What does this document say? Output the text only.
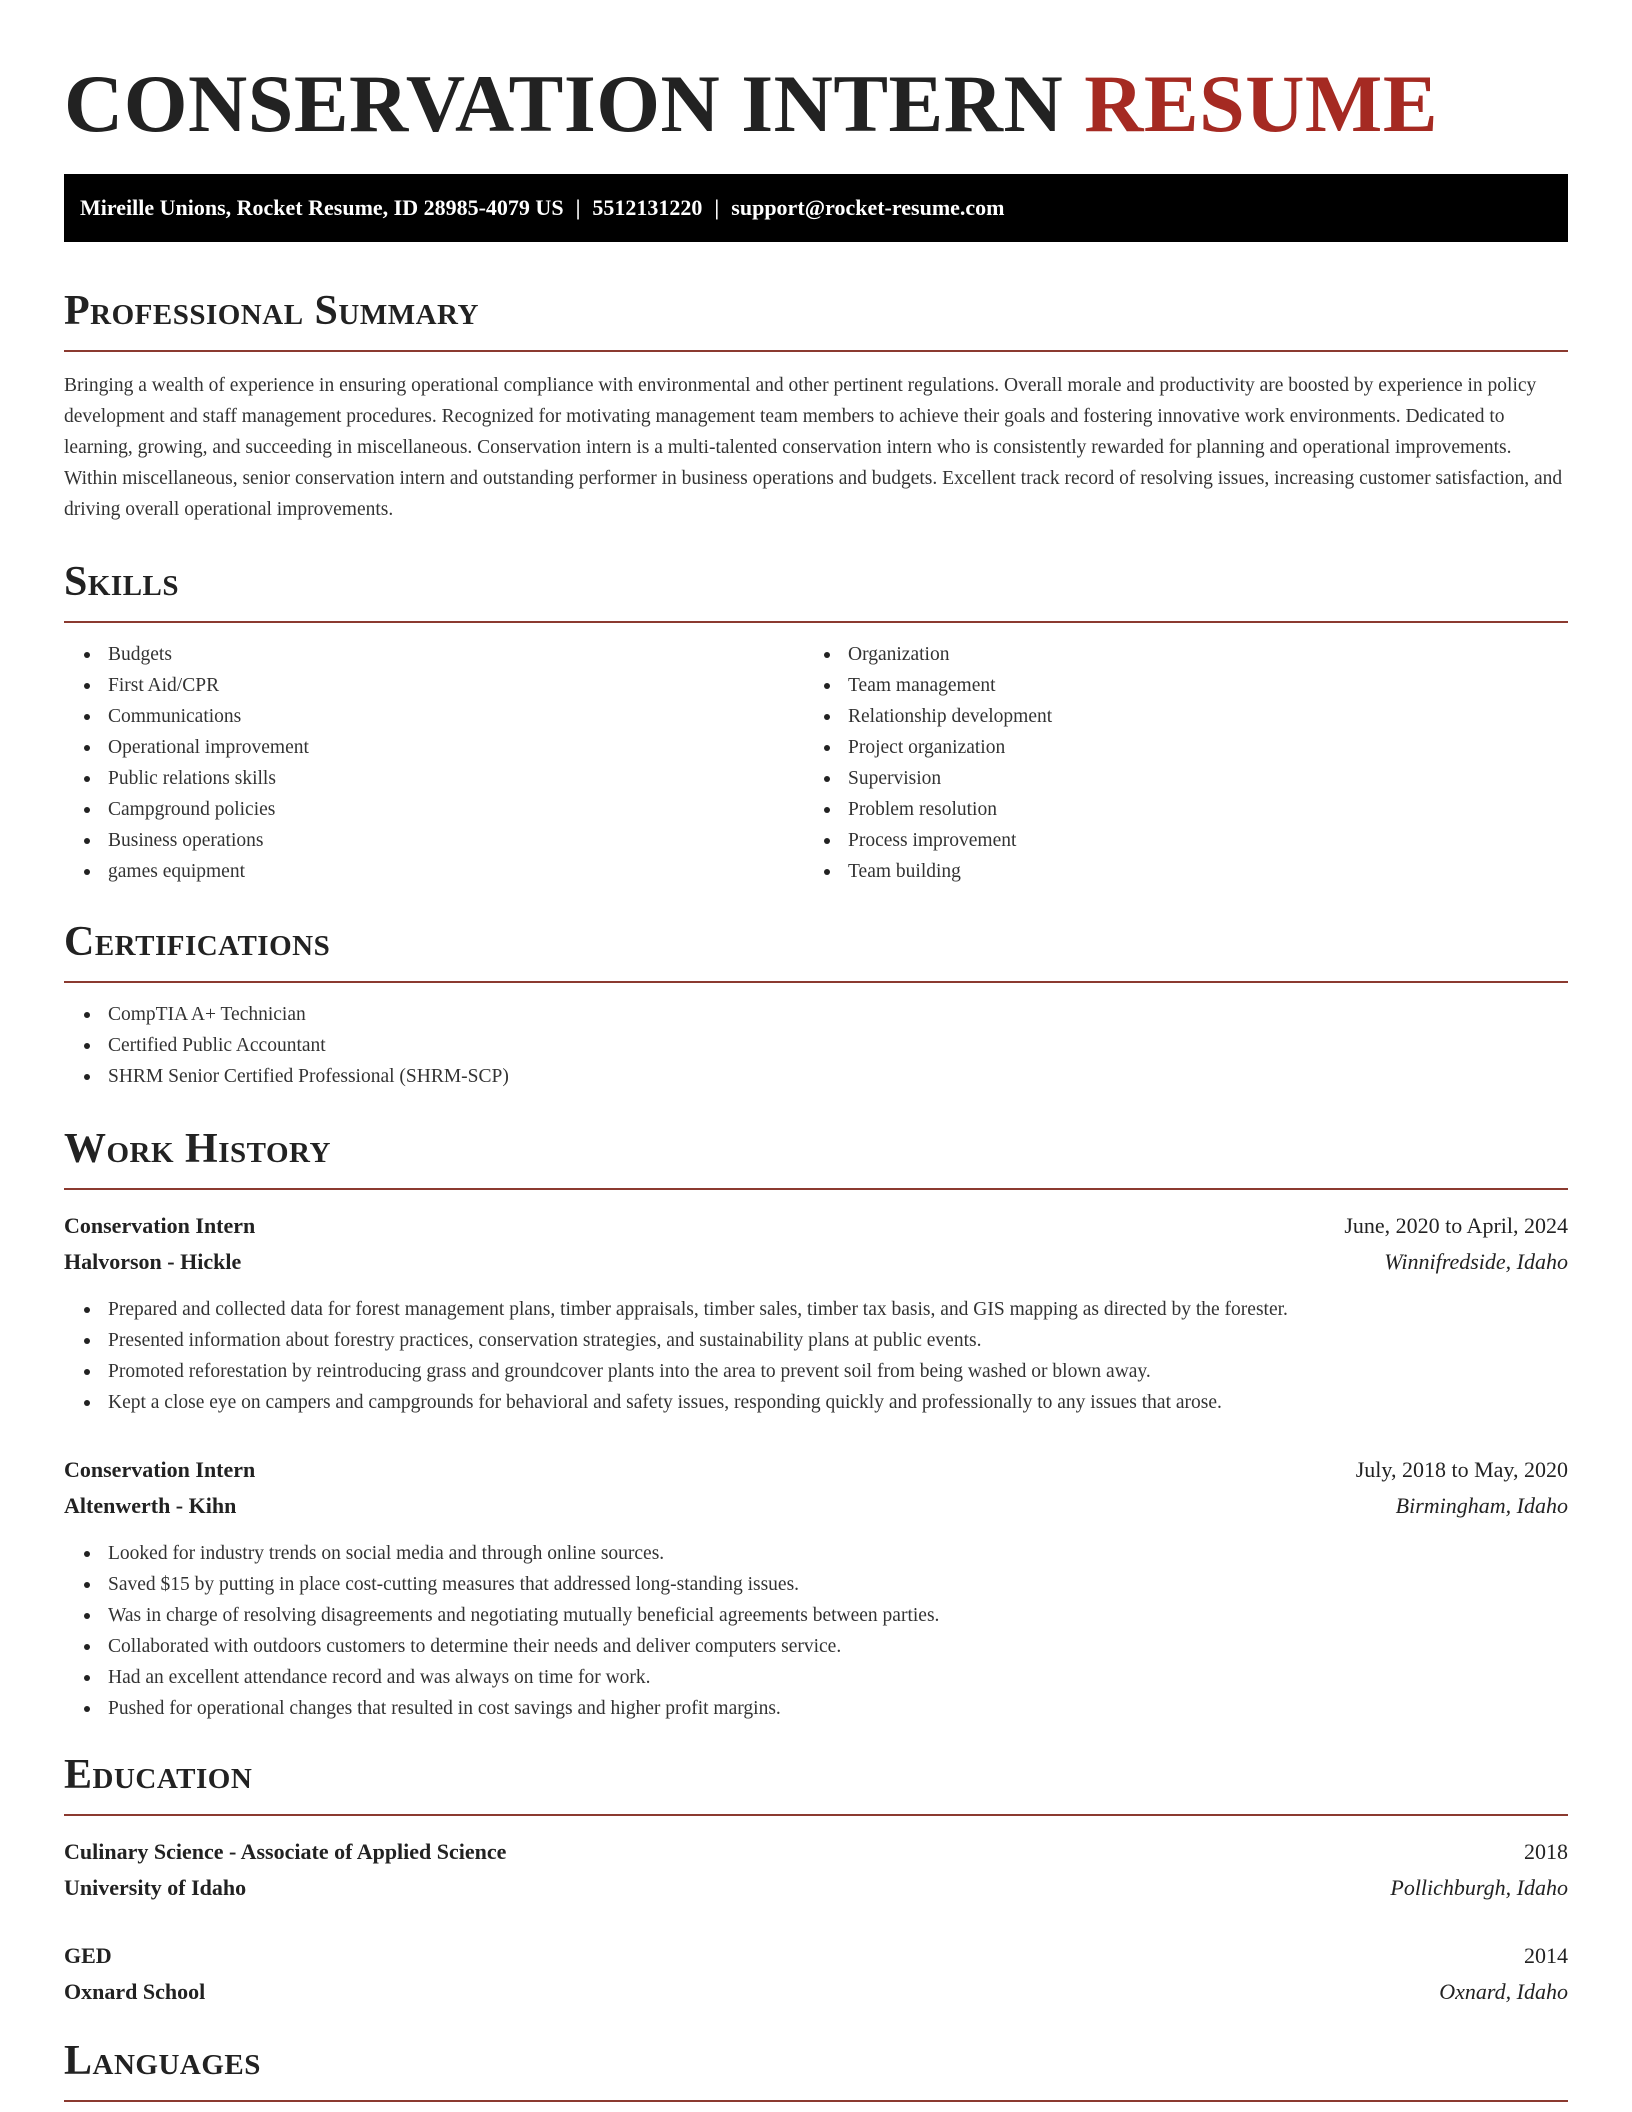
CONSERVATION INTERN RESUME
Mireille Unions, Rocket Resume, ID 28985-4079 US | 5512131220 | support@rocket-resume.com
Professional Summary

Bringing a wealth of experience in ensuring operational compliance with environmental and other pertinent regulations. Overall morale and productivity are boosted by experience in policy development and staff management procedures. Recognized for motivating management team members to achieve their goals and fostering innovative work environments. Dedicated to learning, growing, and succeeding in miscellaneous. Conservation intern is a multi-talented conservation intern who is consistently rewarded for planning and operational improvements. Within miscellaneous, senior conservation intern and outstanding performer in business operations and budgets. Excellent track record of resolving issues, increasing customer satisfaction, and driving overall operational improvements.

Skills
Budgets
First Aid/CPR
Communications
Operational improvement
Public relations skills
Campground policies
Business operations
games equipment
Organization
Team management
Relationship development
Project organization
Supervision
Problem resolution
Process improvement
Team building
Certifications
CompTIA A+ Technician
Certified Public Accountant
SHRM Senior Certified Professional (SHRM-SCP)
Work History
Conservation Intern	June, 2020 to April, 2024
Halvorson - Hickle	Winnifredside, Idaho
Prepared and collected data for forest management plans, timber appraisals, timber sales, timber tax basis, and GIS mapping as directed by the forester.
Presented information about forestry practices, conservation strategies, and sustainability plans at public events.
Promoted reforestation by reintroducing grass and groundcover plants into the area to prevent soil from being washed or blown away.
Kept a close eye on campers and campgrounds for behavioral and safety issues, responding quickly and professionally to any issues that arose.
Conservation Intern	July, 2018 to May, 2020
Altenwerth - Kihn	Birmingham, Idaho
Looked for industry trends on social media and through online sources.
Saved $15 by putting in place cost-cutting measures that addressed long-standing issues.
Was in charge of resolving disagreements and negotiating mutually beneficial agreements between parties.
Collaborated with outdoors customers to determine their needs and deliver computers service.
Had an excellent attendance record and was always on time for work.
Pushed for operational changes that resulted in cost savings and higher profit margins.
Education
Culinary Science - Associate of Applied Science	2018
University of Idaho	Pollichburgh, Idaho
GED	2014
Oxnard School	Oxnard, Idaho
Languages
